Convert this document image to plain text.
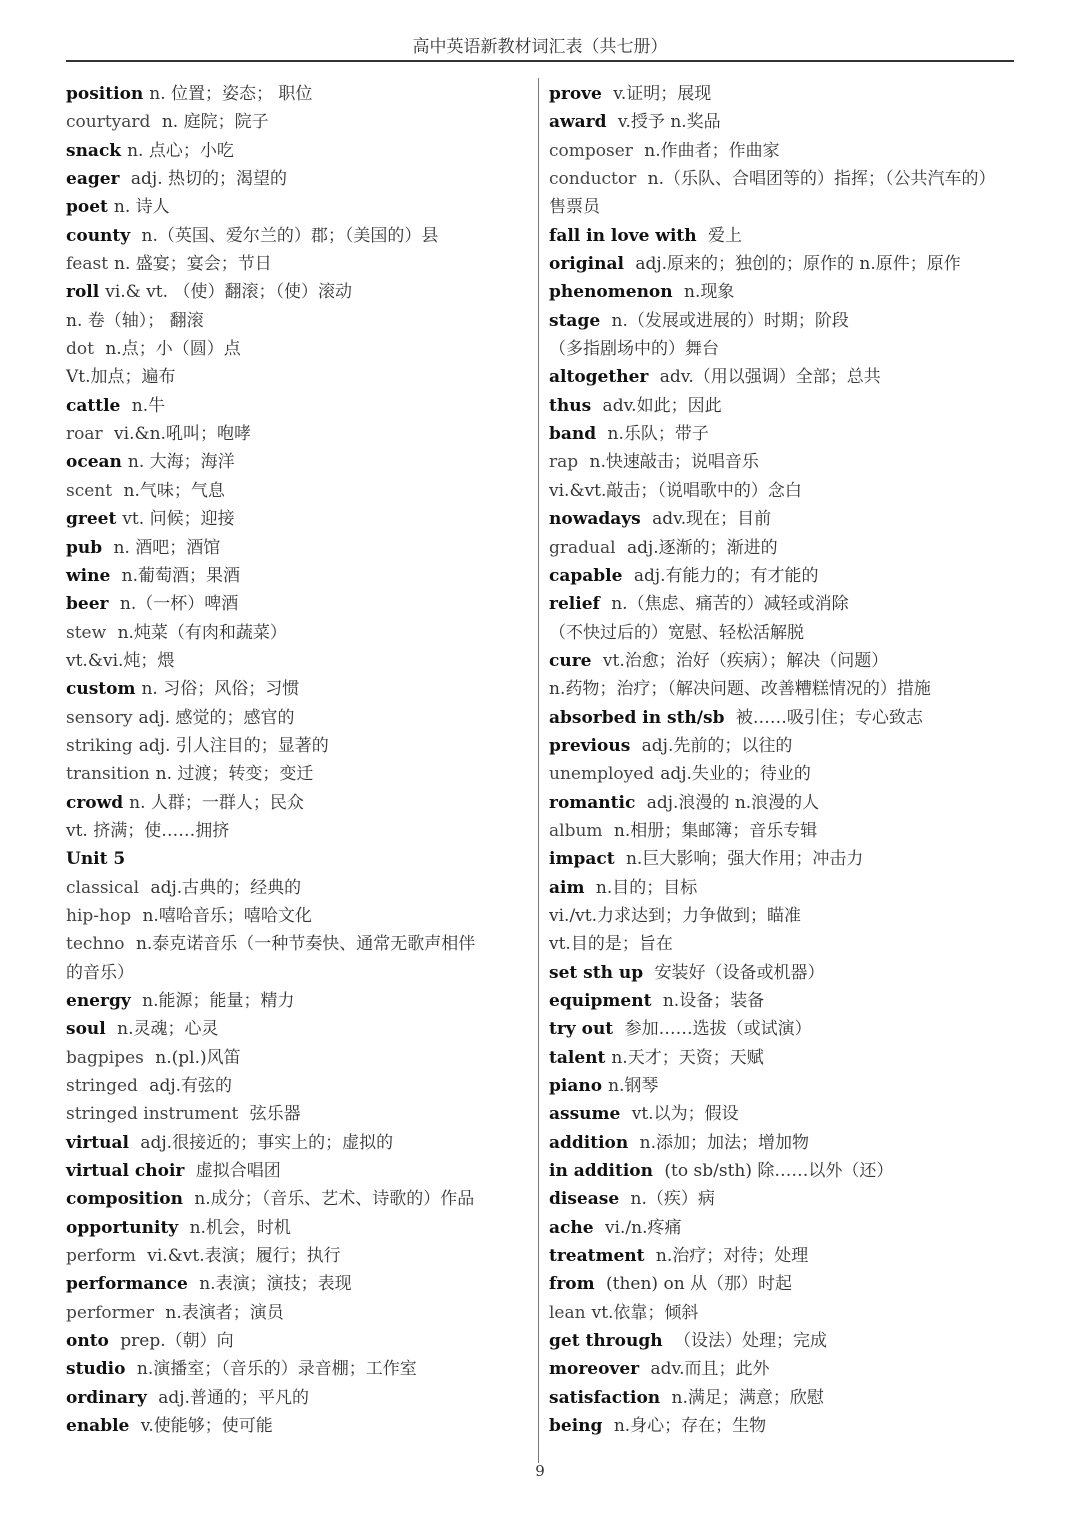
高中英语新教材词汇表（共七册）
position n. 位置；姿态； 职位
courtyard n. 庭院；院子
snack n. 点心；小吃
eager adj. 热切的；渴望的
poet n. 诗人
county n.（英国、爱尔兰的）郡；（美国的）县
feast n. 盛宴；宴会；节日
roll vi.& vt. （使）翻滚；（使）滚动
n. 卷（轴）； 翻滚
dot n.点；小（圆）点
Vt.加点；遍布
cattle n.牛
roar vi.&n.吼叫；咆哮
ocean n. 大海；海洋
scent n.气味；气息
greet vt. 问候；迎接
pub n. 酒吧；酒馆
wine n.葡萄酒；果酒
beer n.（一杯）啤酒
stew n.炖菜（有肉和蔬菜）
vt.&vi.炖；煨
custom n. 习俗；风俗；习惯
sensory adj. 感觉的；感官的
striking adj. 引人注目的；显著的
transition n. 过渡；转变；变迁
crowd n. 人群；一群人；民众
vt. 挤满；使……拥挤
Unit 5
classical adj.古典的；经典的
hip-hop n.嘻哈音乐；嘻哈文化
techno n.泰克诺音乐（一种节奏快、通常无歌声相伴
的音乐）
energy n.能源；能量；精力
soul n.灵魂；心灵
bagpipes n.(pl.)风笛
stringed adj.有弦的
stringed instrument 弦乐器
virtual adj.很接近的；事实上的；虚拟的
virtual choir 虚拟合唱团
composition n.成分；（音乐、艺术、诗歌的）作品
opportunity n.机会，时机
perform vi.&vt.表演；履行；执行
performance n.表演；演技；表现
performer n.表演者；演员
onto prep.（朝）向
studio n.演播室；（音乐的）录音棚；工作室
ordinary adj.普通的；平凡的
enable v.使能够；使可能
prove v.证明；展现
award v.授予 n.奖品
composer n.作曲者；作曲家
conductor n.（乐队、合唱团等的）指挥；（公共汽车的）
售票员
fall in love with 爱上
original adj.原来的；独创的；原作的 n.原件；原作
phenomenon n.现象
stage n.（发展或进展的）时期；阶段
（多指剧场中的）舞台
altogether adv.（用以强调）全部；总共
thus adv.如此；因此
band n.乐队；带子
rap n.快速敲击；说唱音乐
vi.&vt.敲击；（说唱歌中的）念白
nowadays adv.现在；目前
gradual adj.逐渐的；渐进的
capable adj.有能力的；有才能的
relief n.（焦虑、痛苦的）减轻或消除
（不快过后的）宽慰、轻松活解脱
cure vt.治愈；治好（疾病）；解决（问题）
n.药物；治疗；（解决问题、改善糟糕情况的）措施
absorbed in sth/sb 被……吸引住；专心致志
previous adj.先前的；以往的
unemployed adj.失业的；待业的
romantic adj.浪漫的 n.浪漫的人
album n.相册；集邮簿；音乐专辑
impact n.巨大影响；强大作用；冲击力
aim n.目的；目标
vi./vt.力求达到；力争做到；瞄准
vt.目的是；旨在
set sth up 安装好（设备或机器）
equipment n.设备；装备
try out 参加……选拔（或试演）
talent n.天才；天资；天赋
piano n.钢琴
assume vt.以为；假设
addition n.添加；加法；增加物
in addition (to sb/sth) 除……以外（还）
disease n.（疾）病
ache vi./n.疼痛
treatment n.治疗；对待；处理
from (then) on 从（那）时起
lean vt.依靠；倾斜
get through （设法）处理；完成
moreover adv.而且；此外
satisfaction n.满足；满意；欣慰
being n.身心；存在；生物
9
